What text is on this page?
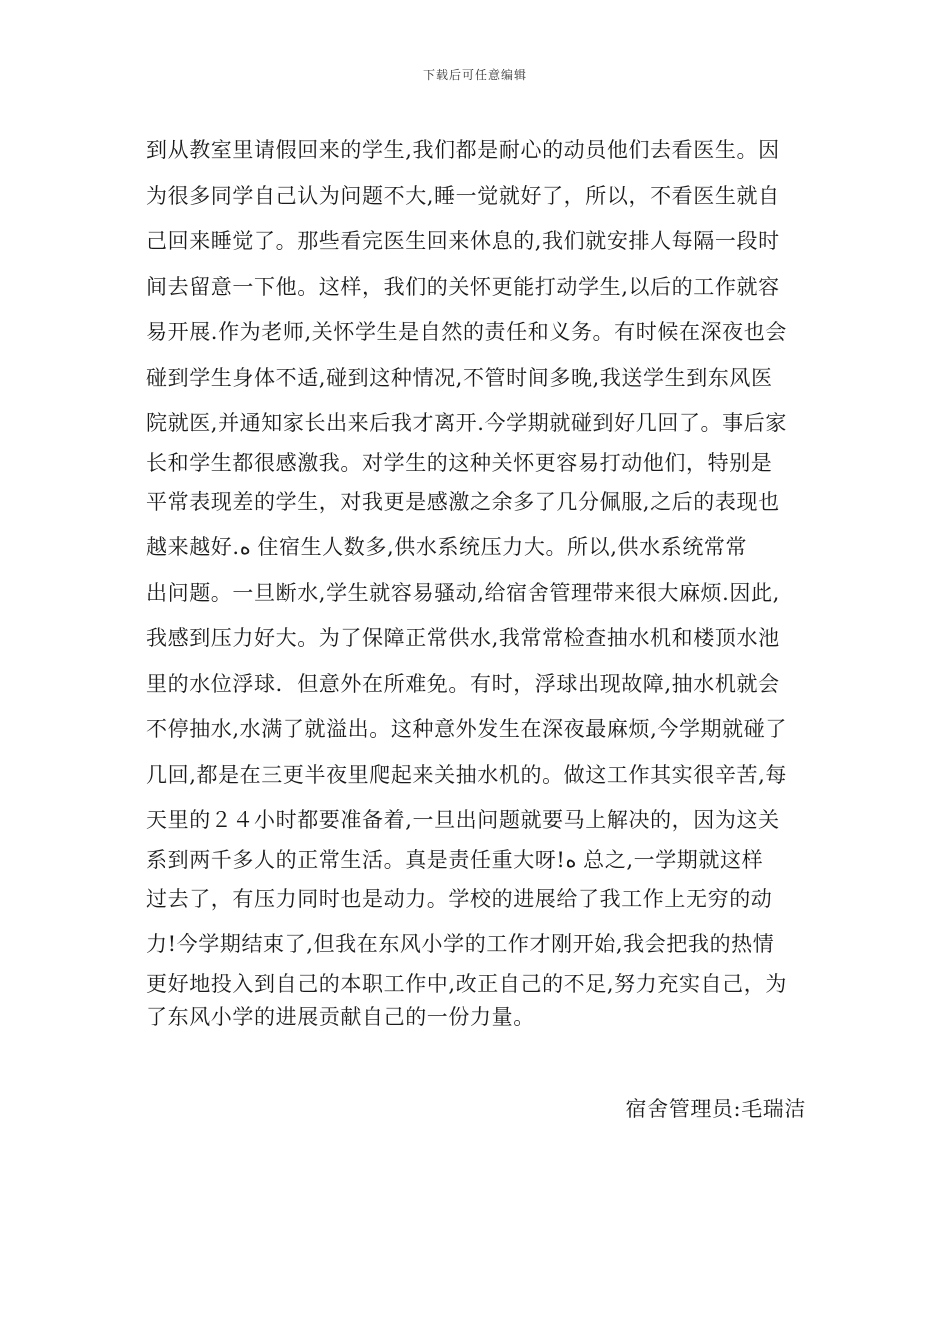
下载后可任意编辑
到从教室里请假回来的学生,我们都是耐心的动员他们去看医生。因
为很多同学自己认为问题不大,睡一觉就好了，所以，不看医生就自
己回来睡觉了。那些看完医生回来休息的,我们就安排人每隔一段时
间去留意一下他。这样，我们的关怀更能打动学生,以后的工作就容
易开展.作为老师,关怀学生是自然的责任和义务。有时候在深夜也会
碰到学生身体不适,碰到这种情况,不管时间多晚,我送学生到东风医
院就医,并通知家长出来后我才离开.今学期就碰到好几回了。事后家
长和学生都很感激我。对学生的这种关怀更容易打动他们，特别是
平常表现差的学生，对我更是感激之余多了几分佩服,之后的表现也
越来越好.ه 住宿生人数多,供水系统压力大。所以,供水系统常常
出问题。一旦断水,学生就容易骚动,给宿舍管理带来很大麻烦.因此,
我感到压力好大。为了保障正常供水,我常常检查抽水机和楼顶水池
里的水位浮球．但意外在所难免。有时，浮球出现故障,抽水机就会
不停抽水,水满了就溢出。这种意外发生在深夜最麻烦,今学期就碰了
几回,都是在三更半夜里爬起来关抽水机的。做这工作其实很辛苦,每
天里的２４小时都要准备着,一旦出问题就要马上解决的，因为这关
系到两千多人的正常生活。真是责任重大呀!ه 总之,一学期就这样
过去了，有压力同时也是动力。学校的进展给了我工作上无穷的动
力!今学期结束了,但我在东风小学的工作才刚开始,我会把我的热情
更好地投入到自己的本职工作中,改正自己的不足,努力充实自己，为
了东风小学的进展贡献自己的一份力量。
宿舍管理员:毛瑞洁
